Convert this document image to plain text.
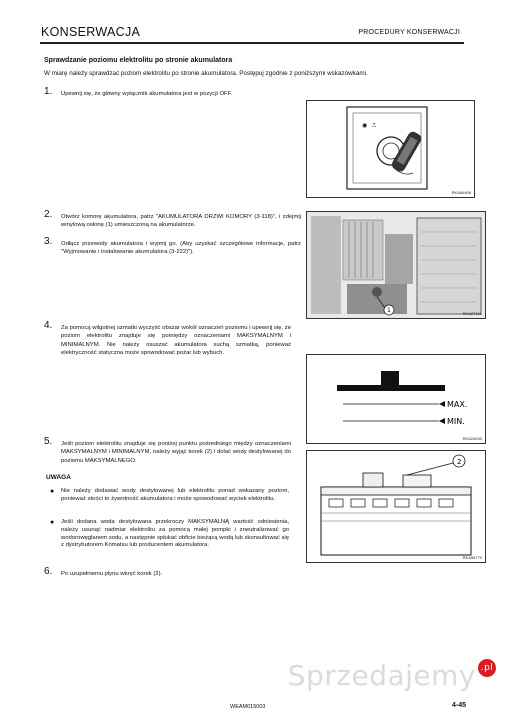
KONSERWACJA	PROCEDURY KONSERWACJI
Sprawdzanie poziomu elektrolitu po stronie akumulatora
W miarę należy sprawdzać poziom elektrolitu po stronie akumulatora. Postępuj zgodnie z poniższymi wskazówkami.
1. Upewnij się, że główny wyłącznik akumulatora jest w pozycji OFF.
◉ ⎍
RKA54906
2. Otwórz komorę akumulatora, patrz "AKUMULATORA DRZWI KOMORY (3-118)", i zdejmij winylową osłonę (1) umieszczoną na akumulatorze.
3. Odłącz przewody akumulatora i wyjmij go. (Aby uzyskać szczegółowe informacje, patrz "Wyjmowanie i instalowanie akumulatora (3-222)").
1	RKA27101
4. Za pomocą wilgotnej szmatki wyczyść obszar wokół oznaczeń poziomu i upewnij się, że poziom elektrolitu znajduje się pomiędzy oznaczeniami MAKSYMALNYM i MINIMALNYM. Nie należy osuszać akumulatora suchą szmatką, ponieważ elektryczność statyczna może spowodować pożar lub wybuch.
MAX.
MIN.
RKA24030
5. Jeśli poziom elektrolitu znajduje się poniżej punktu pośredniego między oznaczeniami MAKSYMALNYM i MINIMALNYM, należy wyjąć korek (2) i dolać wody destylowanej do poziomu MAKSYMALNEGO.
UWAGA
● Nie należy dodawać wody destylowanej lub elektrolitu ponad wskazany poziom, ponieważ skróci to żywotność akumulatora i może spowodować wyciek elektrolitu.
● Jeśli dodana woda destylowana przekroczy MAKSYMALNĄ wartość odniesienia, należy usunąć nadmiar elektrolitu za pomocą małej pompki i zneutralizować go wodorowęglanem sodu, a następnie spłukać obficie bieżącą wodą lub skonsultować się z dystrybutorem Komatsu lub producentem akumulatora.
2
RKA55770
6. Po uzupełnieniu płynu wkręć korek (2).
Sprzedajemy .pl
WEAM015003	4-45
